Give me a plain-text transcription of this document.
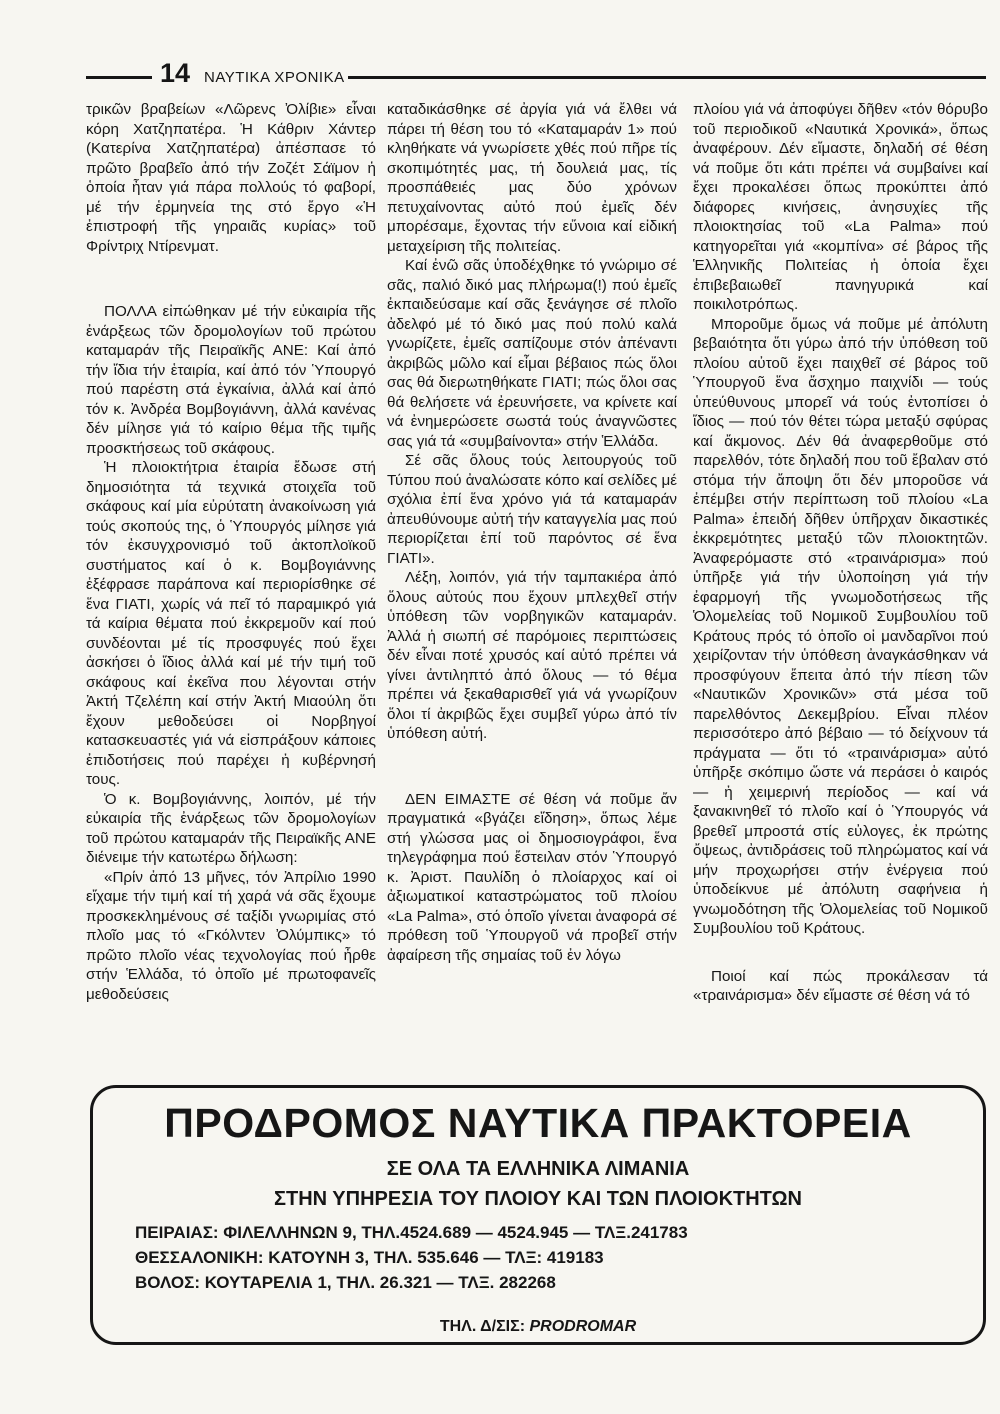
14 ΝΑΥΤΙΚΑ ΧΡΟΝΙΚΑ

τρικῶν βραβείων «Λῶρενς Ὀλίβιε» εἶναι κόρη Χατζηπατέρα. Ἡ Κάθριν Χάντερ (Κατερίνα Χατζηπατέρα) ἀπέσπασε τό πρῶτο βραβεῖο ἀπό τήν Ζοζέτ Σάϊμον ἡ ὁποία ἦταν γιά πάρα πολλούς τό φαβορί, μέ τήν ἑρμηνεία της στό ἔργο «Ἡ ἐπιστροφή τῆς γηραιᾶς κυρίας» τοῦ Φρίντριχ Ντίρενματ.

ΠΟΛΛΑ εἰπώθηκαν μέ τήν εὐκαιρία τῆς ἐνάρξεως τῶν δρομολογίων τοῦ πρώτου καταμαράν τῆς Πειραϊκῆς ΑΝΕ: Καί ἀπό τήν ἴδια τήν ἑταιρία, καί ἀπό τόν Ὑπουργό πού παρέστη στά ἐγκαίνια, ἀλλά καί ἀπό τόν κ. Ἀνδρέα Βομβογιάννη, ἀλλά κανένας δέν μίλησε γιά τό καίριο θέμα τῆς τιμῆς προσκτήσεως τοῦ σκάφους.

Ἡ πλοιοκτήτρια ἑταιρία ἔδωσε στή δημοσιότητα τά τεχνικά στοιχεῖα τοῦ σκάφους καί μία εὐρύτατη ἀνακοίνωση γιά τούς σκοπούς της, ὁ Ὑπουργός μίλησε γιά τόν ἐκσυγχρονισμό τοῦ ἀκτοπλοϊκοῦ συστήματος καί ὁ κ. Βομβογιάννης ἐξέφρασε παράπονα καί περιορίσθηκε σέ ἕνα ΓΙΑΤΙ, χωρίς νά πεῖ τό παραμικρό γιά τά καίρια θέματα πού ἐκκρεμοῦν καί πού συνδέονται μέ τίς προσφυγές πού ἔχει ἀσκήσει ὁ ἴδιος ἀλλά καί μέ τήν τιμή τοῦ σκάφους καί ἐκεῖνα που λέγονται στήν Ἀκτή Τζελέπη καί στήν Ἀκτή Μιαούλη ὅτι ἔχουν μεθοδεύσει οἱ Νορβηγοί κατασκευαστές γιά νά εἰσπράξουν κάποιες ἐπιδοτήσεις πού παρέχει ἡ κυβέρνησή τους.

Ὁ κ. Βομβογιάννης, λοιπόν, μέ τήν εὐκαιρία τῆς ἐνάρξεως τῶν δρομολογίων τοῦ πρώτου καταμαράν τῆς Πειραϊκῆς ΑΝΕ διένειμε τήν κατωτέρω δήλωση:

«Πρίν ἀπό 13 μῆνες, τόν Ἀπρίλιο 1990 εἴχαμε τήν τιμή καί τή χαρά νά σᾶς ἔχουμε προσκεκλημένους σέ ταξίδι γνωριμίας στό πλοῖο μας τό «Γκόλντεν Ὀλύμπικς» τό πρῶτο πλοῖο νέας τεχνολογίας πού ἦρθε στήν Ἑλλάδα, τό ὁποῖο μέ πρωτοφανεῖς μεθοδεύσεις

καταδικάσθηκε σέ ἀργία γιά νά ἔλθει νά πάρει τή θέση του τό «Καταμαράν 1» πού κληθήκατε νά γνωρίσετε χθές πού πῆρε τίς σκοπιμότητές μας, τή δουλειά μας, τίς προσπάθειές μας δύο χρόνων πετυχαίνοντας αὐτό πού ἐμεῖς δέν μπορέσαμε, ἔχοντας τήν εὔνοια καί εἰδική μεταχείριση τῆς πολιτείας.

Καί ἐνῶ σᾶς ὑποδέχθηκε τό γνώριμο σέ σᾶς, παλιό δικό μας πλήρωμα(!) πού ἐμεῖς ἐκπαιδεύσαμε καί σᾶς ξενάγησε σέ πλοῖο ἀδελφό μέ τό δικό μας πού πολύ καλά γνωρίζετε, ἐμεῖς σαπίζουμε στόν ἀπέναντι ἀκριβῶς μῶλο καί εἶμαι βέβαιος πώς ὅλοι σας θά διερωτηθήκατε ΓΙΑΤΙ; πώς ὅλοι σας θά θελήσετε νά ἐρευνήσετε, να κρίνετε καί νά ἐνημερώσετε σωστά τούς ἀναγνῶστες σας γιά τά «συμβαίνοντα» στήν Ἑλλάδα.

Σέ σᾶς ὅλους τούς λειτουργούς τοῦ Τύπου πού ἀναλώσατε κόπο καί σελίδες μέ σχόλια ἐπί ἕνα χρόνο γιά τά καταμαράν ἀπευθύνουμε αὐτή τήν καταγγελία μας πού περιορίζεται ἐπί τοῦ παρόντος σέ ἕνα ΓΙΑΤΙ».

Λέξη, λοιπόν, γιά τήν ταμπακιέρα ἀπό ὅλους αὐτούς που ἔχουν μπλεχθεῖ στήν ὑπόθεση τῶν νορβηγικῶν καταμαράν. Ἀλλά ἡ σιωπή σέ παρόμοιες περιπτώσεις δέν εἶναι ποτέ χρυσός καί αὐτό πρέπει νά γίνει ἀντιληπτό ἀπό ὅλους — τό θέμα πρέπει νά ξεκαθαρισθεῖ γιά νά γνωρίζουν ὅλοι τί ἀκριβῶς ἔχει συμβεῖ γύρω ἀπό τίν ὑπόθεση αὐτή.

ΔΕΝ ΕΙΜΑΣΤΕ σέ θέση νά ποῦμε ἄν πραγματικά «βγάζει εἴδηση», ὅπως λέμε στή γλώσσα μας οἱ δημοσιογράφοι, ἕνα τηλεγράφημα πού ἔστειλαν στόν Ὑπουργό κ. Ἀριστ. Παυλίδη ὁ πλοίαρχος καί οἱ ἀξιωματικοί καταστρώματος τοῦ πλοίου «La Palma», στό ὁποῖο γίνεται ἀναφορά σέ πρόθεση τοῦ Ὑπουργοῦ νά προβεῖ στήν ἀφαίρεση τῆς σημαίας τοῦ ἐν λόγω

πλοίου γιά νά ἀποφύγει δῆθεν «τόν θόρυβο τοῦ περιοδικοῦ «Ναυτικά Χρονικά», ὅπως ἀναφέρουν. Δέν εἴμαστε, δηλαδή σέ θέση νά ποῦμε ὅτι κάτι πρέπει νά συμβαίνει καί ἔχει προκαλέσει ὅπως προκύπτει ἀπό διάφορες κινήσεις, ἀνησυχίες τῆς πλοιοκτησίας τοῦ «La Palma» πού κατηγορεῖται γιά «κομπίνα» σέ βάρος τῆς Ἑλληνικῆς Πολιτείας ἡ ὁποία ἔχει ἐπιβεβαιωθεῖ πανηγυρικά καί ποικιλοτρόπως.

Μποροῦμε ὅμως νά ποῦμε μέ ἀπόλυτη βεβαιότητα ὅτι γύρω ἀπό τήν ὑπόθεση τοῦ πλοίου αὐτοῦ ἔχει παιχθεῖ σέ βάρος τοῦ Ὑπουργοῦ ἕνα ἄσχημο παιχνίδι — τούς ὑπεύθυνους μπορεῖ νά τούς ἐντοπίσει ὁ ἴδιος — πού τόν θέτει τώρα μεταξύ σφύρας καί ἄκμονος. Δέν θά ἀναφερθοῦμε στό παρελθόν, τότε δηλαδή που τοῦ ἔβαλαν στό στόμα τήν ἄποψη ὅτι δέν μποροῦσε νά ἐπέμβει στήν περίπτωση τοῦ πλοίου «La Palma» ἐπειδή δῆθεν ὑπῆρχαν δικαστικές ἐκκρεμότητες μεταξύ τῶν πλοιοκτητῶν. Ἀναφερόμαστε στό «τραινάρισμα» πού ὑπῆρξε γιά τήν ὑλοποίηση γιά τήν ἐφαρμογή τῆς γνωμοδοτήσεως τῆς Ὁλομελείας τοῦ Νομικοῦ Συμβουλίου τοῦ Κράτους πρός τό ὁποῖο οἱ μανδαρῖνοι πού χειρίζονταν τήν ὑπόθεση ἀναγκάσθηκαν νά προσφύγουν ἔπειτα ἀπό τήν πίεση τῶν «Ναυτικῶν Χρονικῶν» στά μέσα τοῦ παρελθόντος Δεκεμβρίου. Εἶναι πλέον περισσότερο ἀπό βέβαιο — τό δείχνουν τά πράγματα — ὅτι τό «τραινάρισμα» αὐτό ὑπῆρξε σκόπιμο ὥστε νά περάσει ὁ καιρός — ἡ χειμερινή περίοδος — καί νά ξανακινηθεῖ τό πλοῖο καί ὁ Ὑπουργός νά βρεθεῖ μπροστά στίς εὐλογες, ἐκ πρώτης ὄψεως, ἀντιδράσεις τοῦ πληρώματος καί νά μήν προχωρήσει στήν ἐνέργεια πού ὑποδείκνυε μέ ἀπόλυτη σαφήνεια ἡ γνωμοδότηση τῆς Ὁλομελείας τοῦ Νομικοῦ Συμβουλίου τοῦ Κράτους.

Ποιοί καί πώς προκάλεσαν τά «τραινάρισμα» δέν εἴμαστε σέ θέση νά τό

ΠΡΟΔΡΟΜΟΣ ΝΑΥΤΙΚΑ ΠΡΑΚΤΟΡΕΙΑ
ΣΕ ΟΛΑ ΤΑ ΕΛΛΗΝΙΚΑ ΛΙΜΑΝΙΑ
ΣΤΗΝ ΥΠΗΡΕΣΙΑ ΤΟΥ ΠΛΟΙΟΥ ΚΑΙ ΤΩΝ ΠΛΟΙΟΚΤΗΤΩΝ
ΠΕΙΡΑΙΑΣ: ΦΙΛΕΛΛΗΝΩΝ 9, ΤΗΛ.4524.689 — 4524.945 — ΤΛΞ.241783
ΘΕΣΣΑΛΟΝΙΚΗ: ΚΑΤΟΥΝΗ 3, ΤΗΛ. 535.646 — ΤΛΞ: 419183
ΒΟΛΟΣ: ΚΟΥΤΑΡΕΛΙΑ 1, ΤΗΛ. 26.321 — ΤΛΞ. 282268
ΤΗΛ. Δ/ΣΙΣ: PRODROMAR
